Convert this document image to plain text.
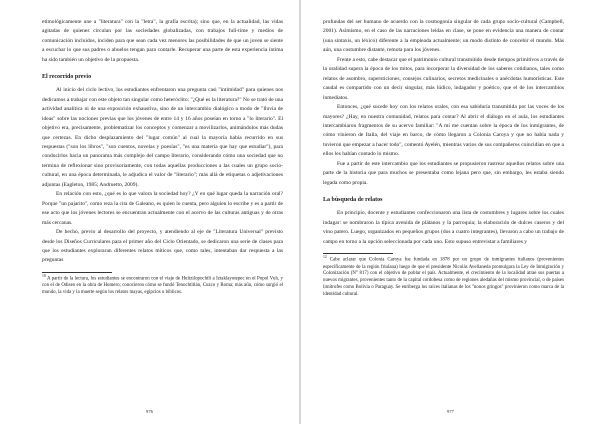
etimológicamente une a "literatura" con la "letra", la grafía escrita); sino que, en la actualidad, las vidas agitadas de quienes circulan por las sociedades globalizadas, con trabajos full-time y medios de comunicación incluidos, inciden para que sean cada vez menores las posibilidades de que un joven se siente a escuchar lo que sus padres o abuelos tengan para contarle. Recuperar una parte de esta experiencia íntima ha sido también un objetivo de la propuesta.

El recorrido previo

Al inicio del ciclo lectivo, los estudiantes enfrentaron una pregunta casi "intimidad" para quienes nos dedicamos a trabajar con este objeto tan singular como heteróclito: "¿Qué es la literatura?" No se trató de una actividad analítica ni de una exposición exhaustiva, sino de un intercambio dialógico a modo de "lluvia de ideas" sobre las nociones previas que los jóvenes de entre 14 y 16 años poseían en torno a "lo literario". El objetivo era, precisamente, problematizar los conceptos y comenzar a movilizarlos, animándolos más dudas que certezas. En dicho desplazamiento del "lugar común" al cual la mayoría había recurrido en sus respuestas ("son los libros", "son cuentos, novelas y poesías", "es una materia que hay que estudiar"), para conducirlos hacia un panorama más complejo del campo literario, considerando cómo una sociedad que no termina de reflexionar sino provisoriamente, con todas aquellas producciones a las cuales un grupo socio-cultural, en una época determinada, le adjudica el valor de "literario"; más allá de etiquetas o adjetivaciones adjuntas (Eagleton, 1985; Andruetto, 2009).

En relación con esto, ¿qué es lo que valora la sociedad hoy? ¿Y en qué lugar queda la narración oral? Porque "un pajarito", como reza la cita de Galeano, es quien lo cuenta, pero alguien lo escribe y es a partir de ese acto que los jóvenes lectores se encuentran actualmente con el acervo de las culturas antiguas y de otras más cercanas.

De hecho, previo al desarrollo del proyecto, y atendiendo al eje de "Literatura Universal" previsto desde los Diseños Curriculares para el primer año del Ciclo Orientado, se dedicaron una serie de clases para que los estudiantes exploraran diferentes relatos míticos que, como tales, intentaban dar respuesta a las preguntas

$^{10}$ A partir de la lectura, los estudiantes se encontraron con el viaje de Huitzilopochtli a Iztaklayotepec en el Popol Vuh, y con el de Odiseo en la obra de Homero; conocieron cómo se fundó Tenochtitlán, Cuzco y Roma; más aún, cómo surgió el mundo, la vida y la muerte según los relatos mayas, egipcios o bíblicos.

976

profundas del ser humano de acuerdo con la cosmogonía singular de cada grupo socio-cultural (Campbell, 2001). Asimismo, en el caso de las narraciones leídas en clase, se pone en evidencia una manera de contar (una sintaxis, un léxico) diferente a la empleada actualmente; un modo distinto de concebir el mundo. Más aún, una costumbre distante, remota para los jóvenes.

Frente a esto, cabe destacar que el patrimonio cultural transmitido desde tiempos primitivos a través de la oralidad supera la época de los mitos, para incorporar la diversidad de los saberes cotidianos, tales como relatos de asombro, supersticiones, consejos culinarios, secretos medicinales o anécdotas humorísticas. Este caudal es compartido con un decir singular, más lúdico, indagador y poético, que el de los intercambios inmediatos.

Entonces, ¿qué sucede hoy con los relatos orales, con esa sabiduría transmitida por las voces de los mayores? ¿Hay, en nuestra comunidad, relatos para contar? Al abrir el diálogo en el aula, los estudiantes intercambiaron fragmentos de su acervo familiar: "A mí me cuentan sobre la época de los inmigrantes, de cómo vinieron de Italia, del viaje en barco, de cómo llegaron a Colonia Caroya y que no había nada y tuvieron que empezar a hacer todo", comentó Ayelén, mientras varios de sus compañeros coincidían en que a ellos les habían contado lo mismo.

Fue a partir de este intercambio que los estudiantes se propusieron rastrear aquellos relatos sobre una parte de la historia que para muchos se presentaba como lejana pero que, sin embargo, les estaba siendo legada como propia.

La búsqueda de relatos

En principio, docente y estudiantes confeccionaron una lista de costumbres y lugares sobre los cuales indagar: se nombraron la típica avenida de plátanos y la parroquia; la elaboración de dulces caseros y del vino patero. Luego, organizados en pequeños grupos (dos a cuatro integrantes), llevaron a cabo un trabajo de campo en torno a la opción seleccionada por cada uno. Esto supuso entrevistar a familiares y

$^{12}$ Cabe aclarar que Colonia Caroya fue fundada en 1878 por un grupo de inmigrantes italianos (provenientes específicamente de la región friulana) luego de que el presidente Nicolás Avellaneda promulgara la Ley de Inmigración y Colonización (N° 817) con el objetivo de poblar el país. Actualmente, el crecimiento de la localidad atrae sus puertas a nuevos migrantes, provenientes tanto de la capital cordobesa como de regiones aledañas del mismo provincial, o de países limítrofes como Bolivia o Paraguay. Se enriberga los raíces italianas de los "nonos gringos" provinieron como marca de la identidad cultural.

977
